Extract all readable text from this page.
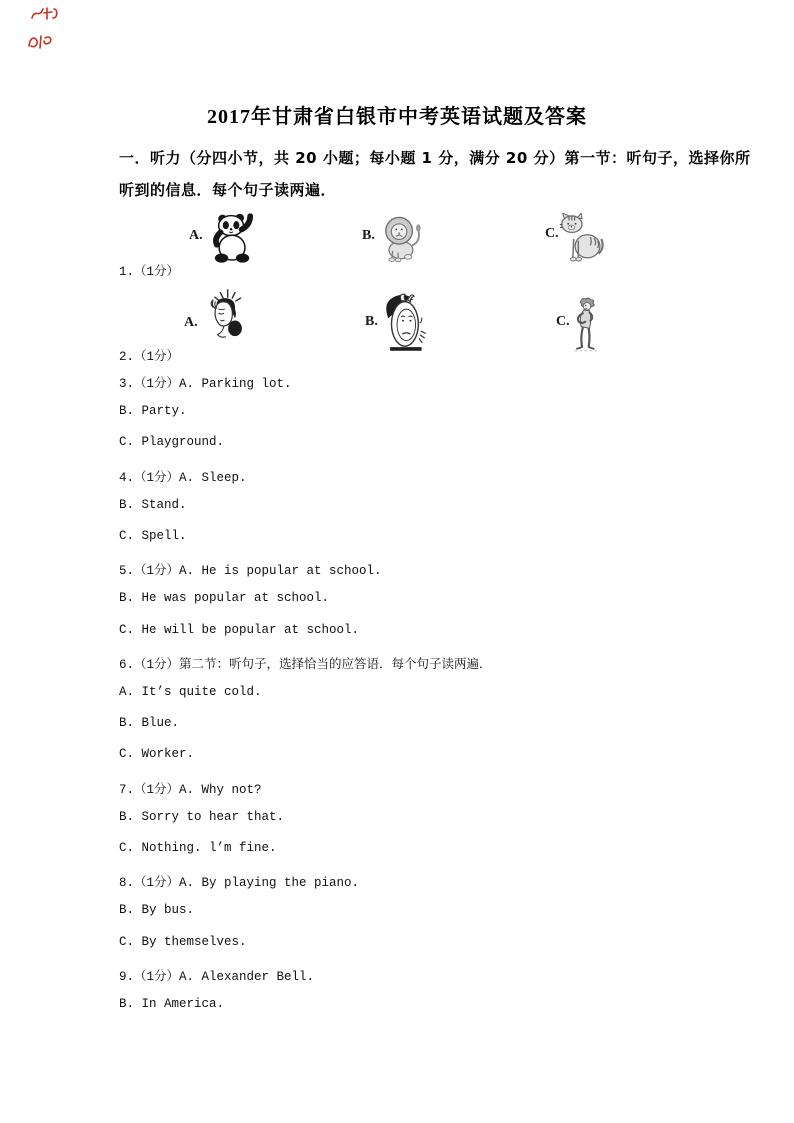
2017年甘肃省白银市中考英语试题及答案
一．听力（分四小节，共 20 小题；每小题 1 分，满分 20 分）第一节：听句子，选择你所
听到的信息．每个句子读两遍．
A.	B.	C.
1.（1分）
A.	B.	C.
2.（1分）
3.（1分）A. Parking lot.
B. Party.
C. Playground.
4.（1分）A. Sleep.
B. Stand.
C. Spell.
5.（1分）A. He is popular at school.
B. He was popular at school.
C. He will be popular at school.
6.（1分）第二节：听句子，选择恰当的应答语．每个句子读两遍．
A. It’s quite cold.
B. Blue.
C. Worker.
7.（1分）A. Why not?
B. Sorry to hear that.
C. Nothing. l’m fine.
8.（1分）A. By playing the piano.
B. By bus.
C. By themselves.
9.（1分）A. Alexander Bell.
B. In America.
